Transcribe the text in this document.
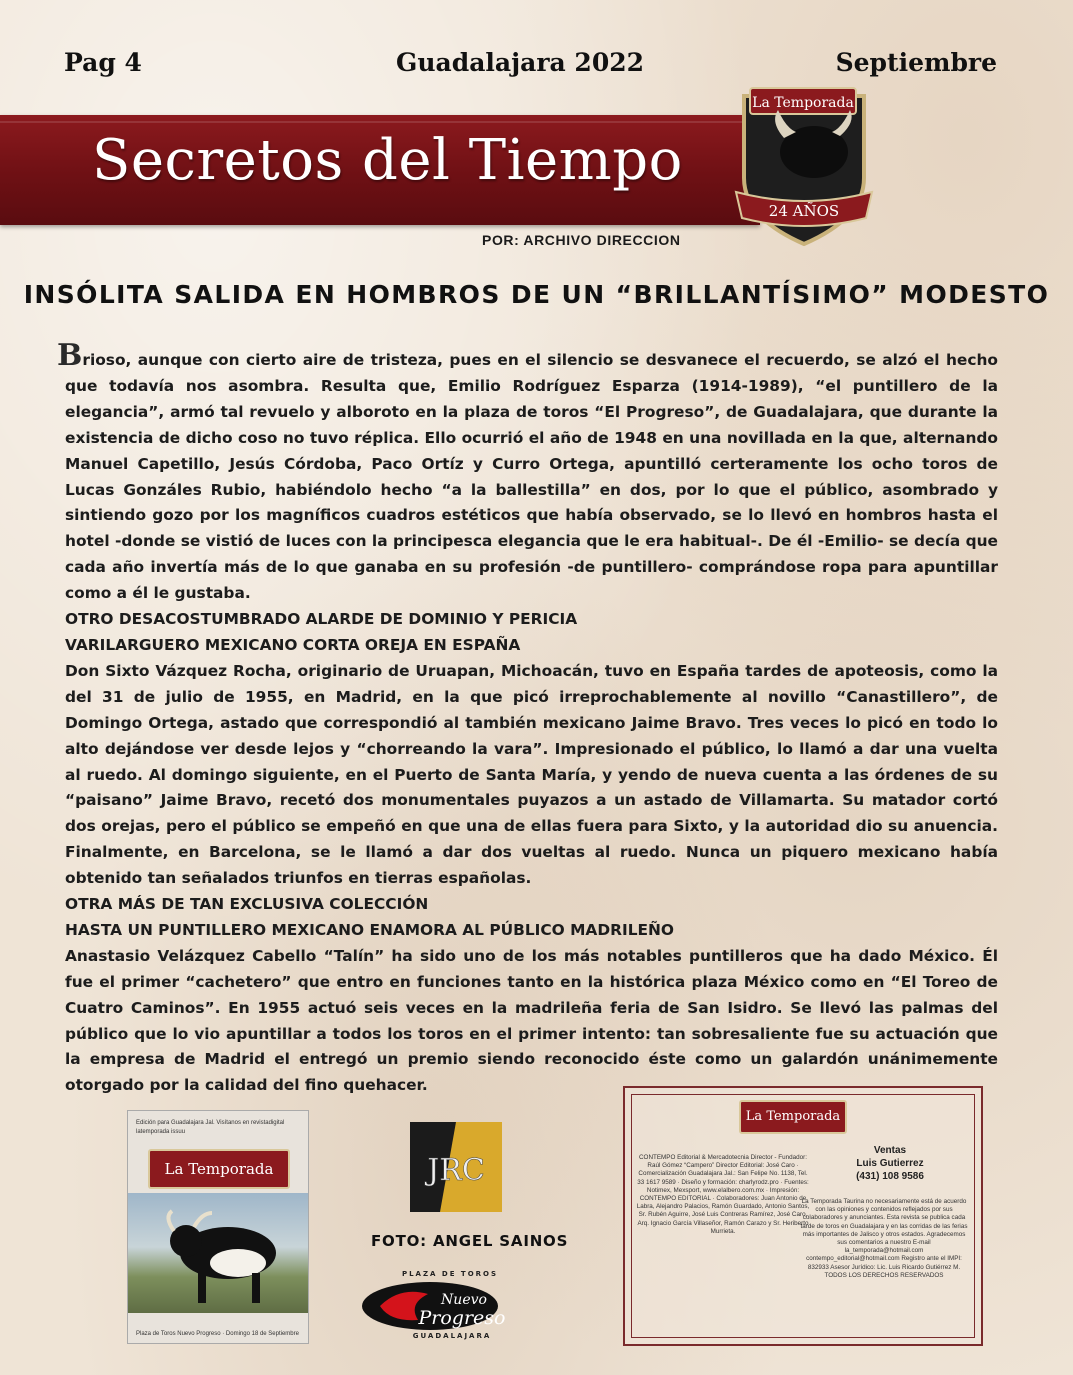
Pag 4	Guadalajara 2022	Septiembre
Secretos del Tiempo
La Temporada
24 AÑOS
POR: ARCHIVO DIRECCION
INSÓLITA SALIDA EN HOMBROS DE UN “BRILLANTÍSIMO” MODESTO

Brioso, aunque con cierto aire de tristeza, pues en el silencio se desvanece el recuerdo, se alzó el hecho que todavía nos asombra. Resulta que, Emilio Rodríguez Esparza (1914-1989), “el puntillero de la elegancia”, armó tal revuelo y alboroto en la plaza de toros “El Progreso”, de Guadalajara, que durante la existencia de dicho coso no tuvo réplica. Ello ocurrió el año de 1948 en una novillada en la que, alternando Manuel Capetillo, Jesús Córdoba, Paco Ortíz y Curro Ortega, apuntilló certeramente los ocho toros de Lucas Gonzáles Rubio, habiéndolo hecho “a la ballestilla” en dos, por lo que el público, asombrado y sintiendo gozo por los magníficos cuadros estéticos que había observado, se lo llevó en hombros hasta el hotel -donde se vistió de luces con la principesca elegancia que le era habitual-. De él -Emilio- se decía que cada año invertía más de lo que ganaba en su profesión -de puntillero- comprándose ropa para apuntillar como a él le gustaba.

OTRO DESACOSTUMBRADO ALARDE DE DOMINIO Y PERICIA

VARILARGUERO MEXICANO CORTA OREJA EN ESPAÑA

Don Sixto Vázquez Rocha, originario de Uruapan, Michoacán, tuvo en España tardes de apoteosis, como la del 31 de julio de 1955, en Madrid, en la que picó irreprochablemente al novillo “Canastillero”, de Domingo Ortega, astado que correspondió al también mexicano Jaime Bravo. Tres veces lo picó en todo lo alto dejándose ver desde lejos y “chorreando la vara”. Impresionado el público, lo llamó a dar una vuelta al ruedo. Al domingo siguiente, en el Puerto de Santa María, y yendo de nueva cuenta a las órdenes de su “paisano” Jaime Bravo, recetó dos monumentales puyazos a un astado de Villamarta. Su matador cortó dos orejas, pero el público se empeñó en que una de ellas fuera para Sixto, y la autoridad dio su anuencia. Finalmente, en Barcelona, se le llamó a dar dos vueltas al ruedo. Nunca un piquero mexicano había obtenido tan señalados triunfos en tierras españolas.

OTRA MÁS DE TAN EXCLUSIVA COLECCIÓN

HASTA UN PUNTILLERO MEXICANO ENAMORA AL PÚBLICO MADRILEÑO

Anastasio Velázquez Cabello “Talín” ha sido uno de los más notables puntilleros que ha dado México. Él fue el primer “cachetero” que entro en funciones tanto en la histórica plaza México como en “El Toreo de Cuatro Caminos”. En 1955 actuó seis veces en la madrileña feria de San Isidro. Se llevó las palmas del público que lo vio apuntillar a todos los toros en el primer intento: tan sobresaliente fue su actuación que la empresa de Madrid el entregó un premio siendo reconocido éste como un galardón unánimemente otorgado por la calidad del fino quehacer.

Edición para Guadalajara Jal. Visítanos en revistadigital latemporada issuu
La Temporada
Plaza de Toros Nuevo Progreso · Domingo 18 de Septiembre
JRC
FOTO: ANGEL SAINOS
PLAZA DE TOROS
Nuevo
Progreso
GUADALAJARA
La Temporada
CONTEMPO Editorial & Mercadotecnia Director - Fundador: Raúl Gómez “Campero” Director Editorial: José Caro · Comercialización Guadalajara Jal.: San Felipe No. 1138, Tel. 33 1617 9589 · Diseño y formación: charlyrodz.pro · Fuentes: Notimex, Mexsport, www.elalbero.com.mx · Impresión: CONTEMPO EDITORIAL · Colaboradores: Juan Antonio de Labra, Alejandro Palacios, Ramón Guardado, Antonio Santos, Sr. Rubén Aguirre, José Luis Contreras Ramírez, José Caro, Arq. Ignacio García Villaseñor, Ramón Carazo y Sr. Heriberto Murrieta.
Ventas
Luis Gutierrez
(431) 108 9586
La Temporada Taurina no necesariamente está de acuerdo con las opiniones y contenidos reflejados por sus colaboradores y anunciantes. Esta revista se publica cada tarde de toros en Guadalajara y en las corridas de las ferias más importantes de Jalisco y otros estados. Agradecemos sus comentarios a nuestro E-mail la_temporada@hotmail.com contempo_editorial@hotmail.com Registro ante el IMPI: 832933 Asesor Jurídico: Lic. Luis Ricardo Gutiérrez M. TODOS LOS DERECHOS RESERVADOS
